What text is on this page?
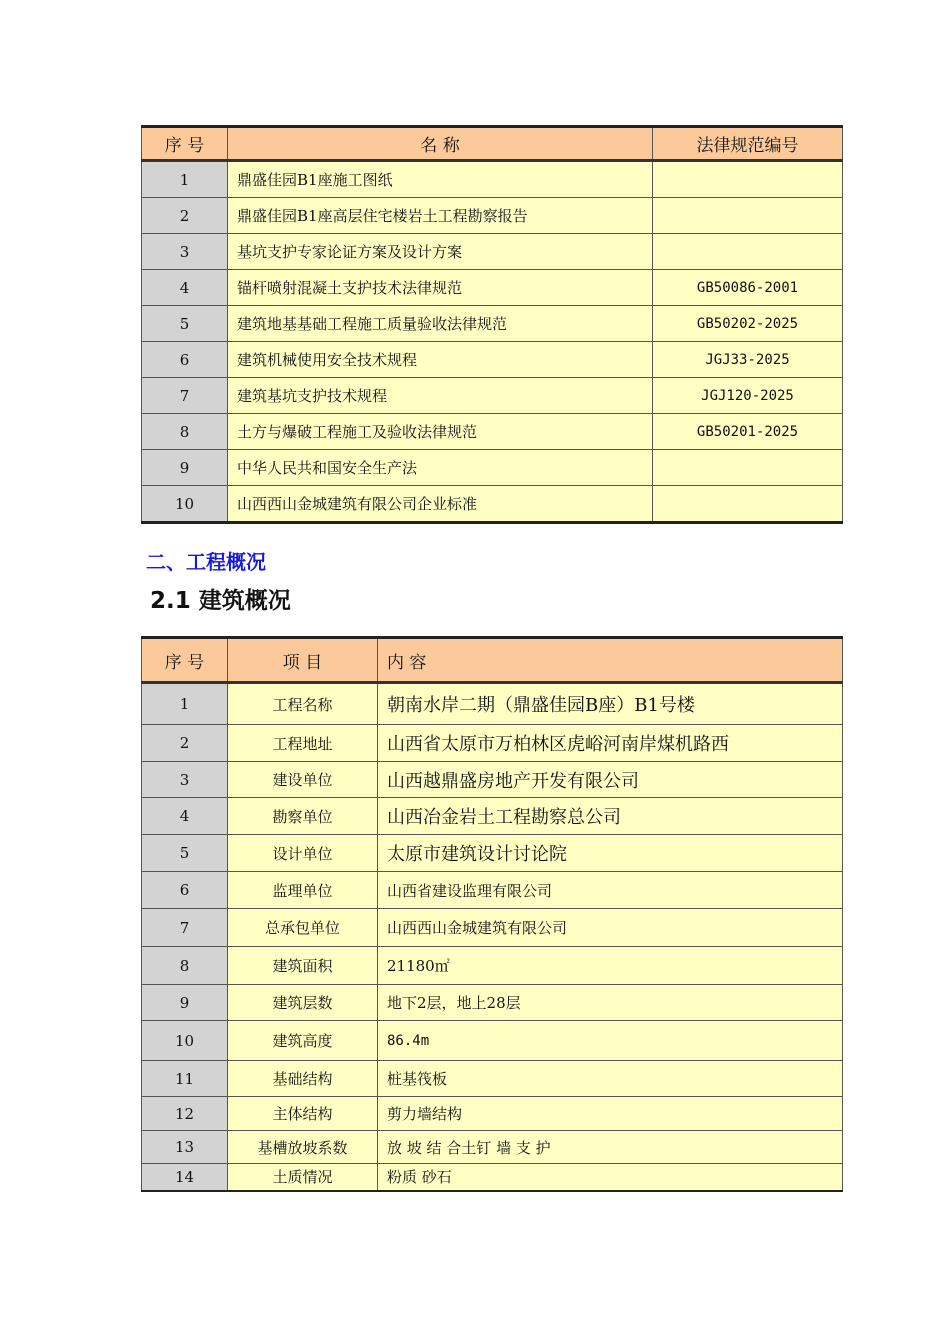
序 号	名 称	法律规范编号
1	鼎盛佳园B1座施工图纸	
2	鼎盛佳园B1座高层住宅楼岩土工程勘察报告	
3	基坑支护专家论证方案及设计方案	
4	锚杆喷射混凝土支护技术法律规范	GB50086-2001
5	建筑地基基础工程施工质量验收法律规范	GB50202-2025
6	建筑机械使用安全技术规程	JGJ33-2025
7	建筑基坑支护技术规程	JGJ120-2025
8	土方与爆破工程施工及验收法律规范	GB50201-2025
9	中华人民共和国安全生产法	
10	山西西山金城建筑有限公司企业标准	
二、工程概况
2.1 建筑概况
序 号	项 目	内 容
1	工程名称	朝南水岸二期（鼎盛佳园B座）B1号楼
2	工程地址	山西省太原市万柏林区虎峪河南岸煤机路西
3	建设单位	山西越鼎盛房地产开发有限公司
4	勘察单位	山西冶金岩土工程勘察总公司
5	设计单位	太原市建筑设计讨论院
6	监理单位	山西省建设监理有限公司
7	总承包单位	山西西山金城建筑有限公司
8	建筑面积	21180㎡
9	建筑层数	地下2层，地上28层
10	建筑高度	86.4m
11	基础结构	桩基筏板
12	主体结构	剪力墙结构
13	基槽放坡系数	放 坡 结 合土钉 墙 支 护
14	土质情况	粉质 砂石
